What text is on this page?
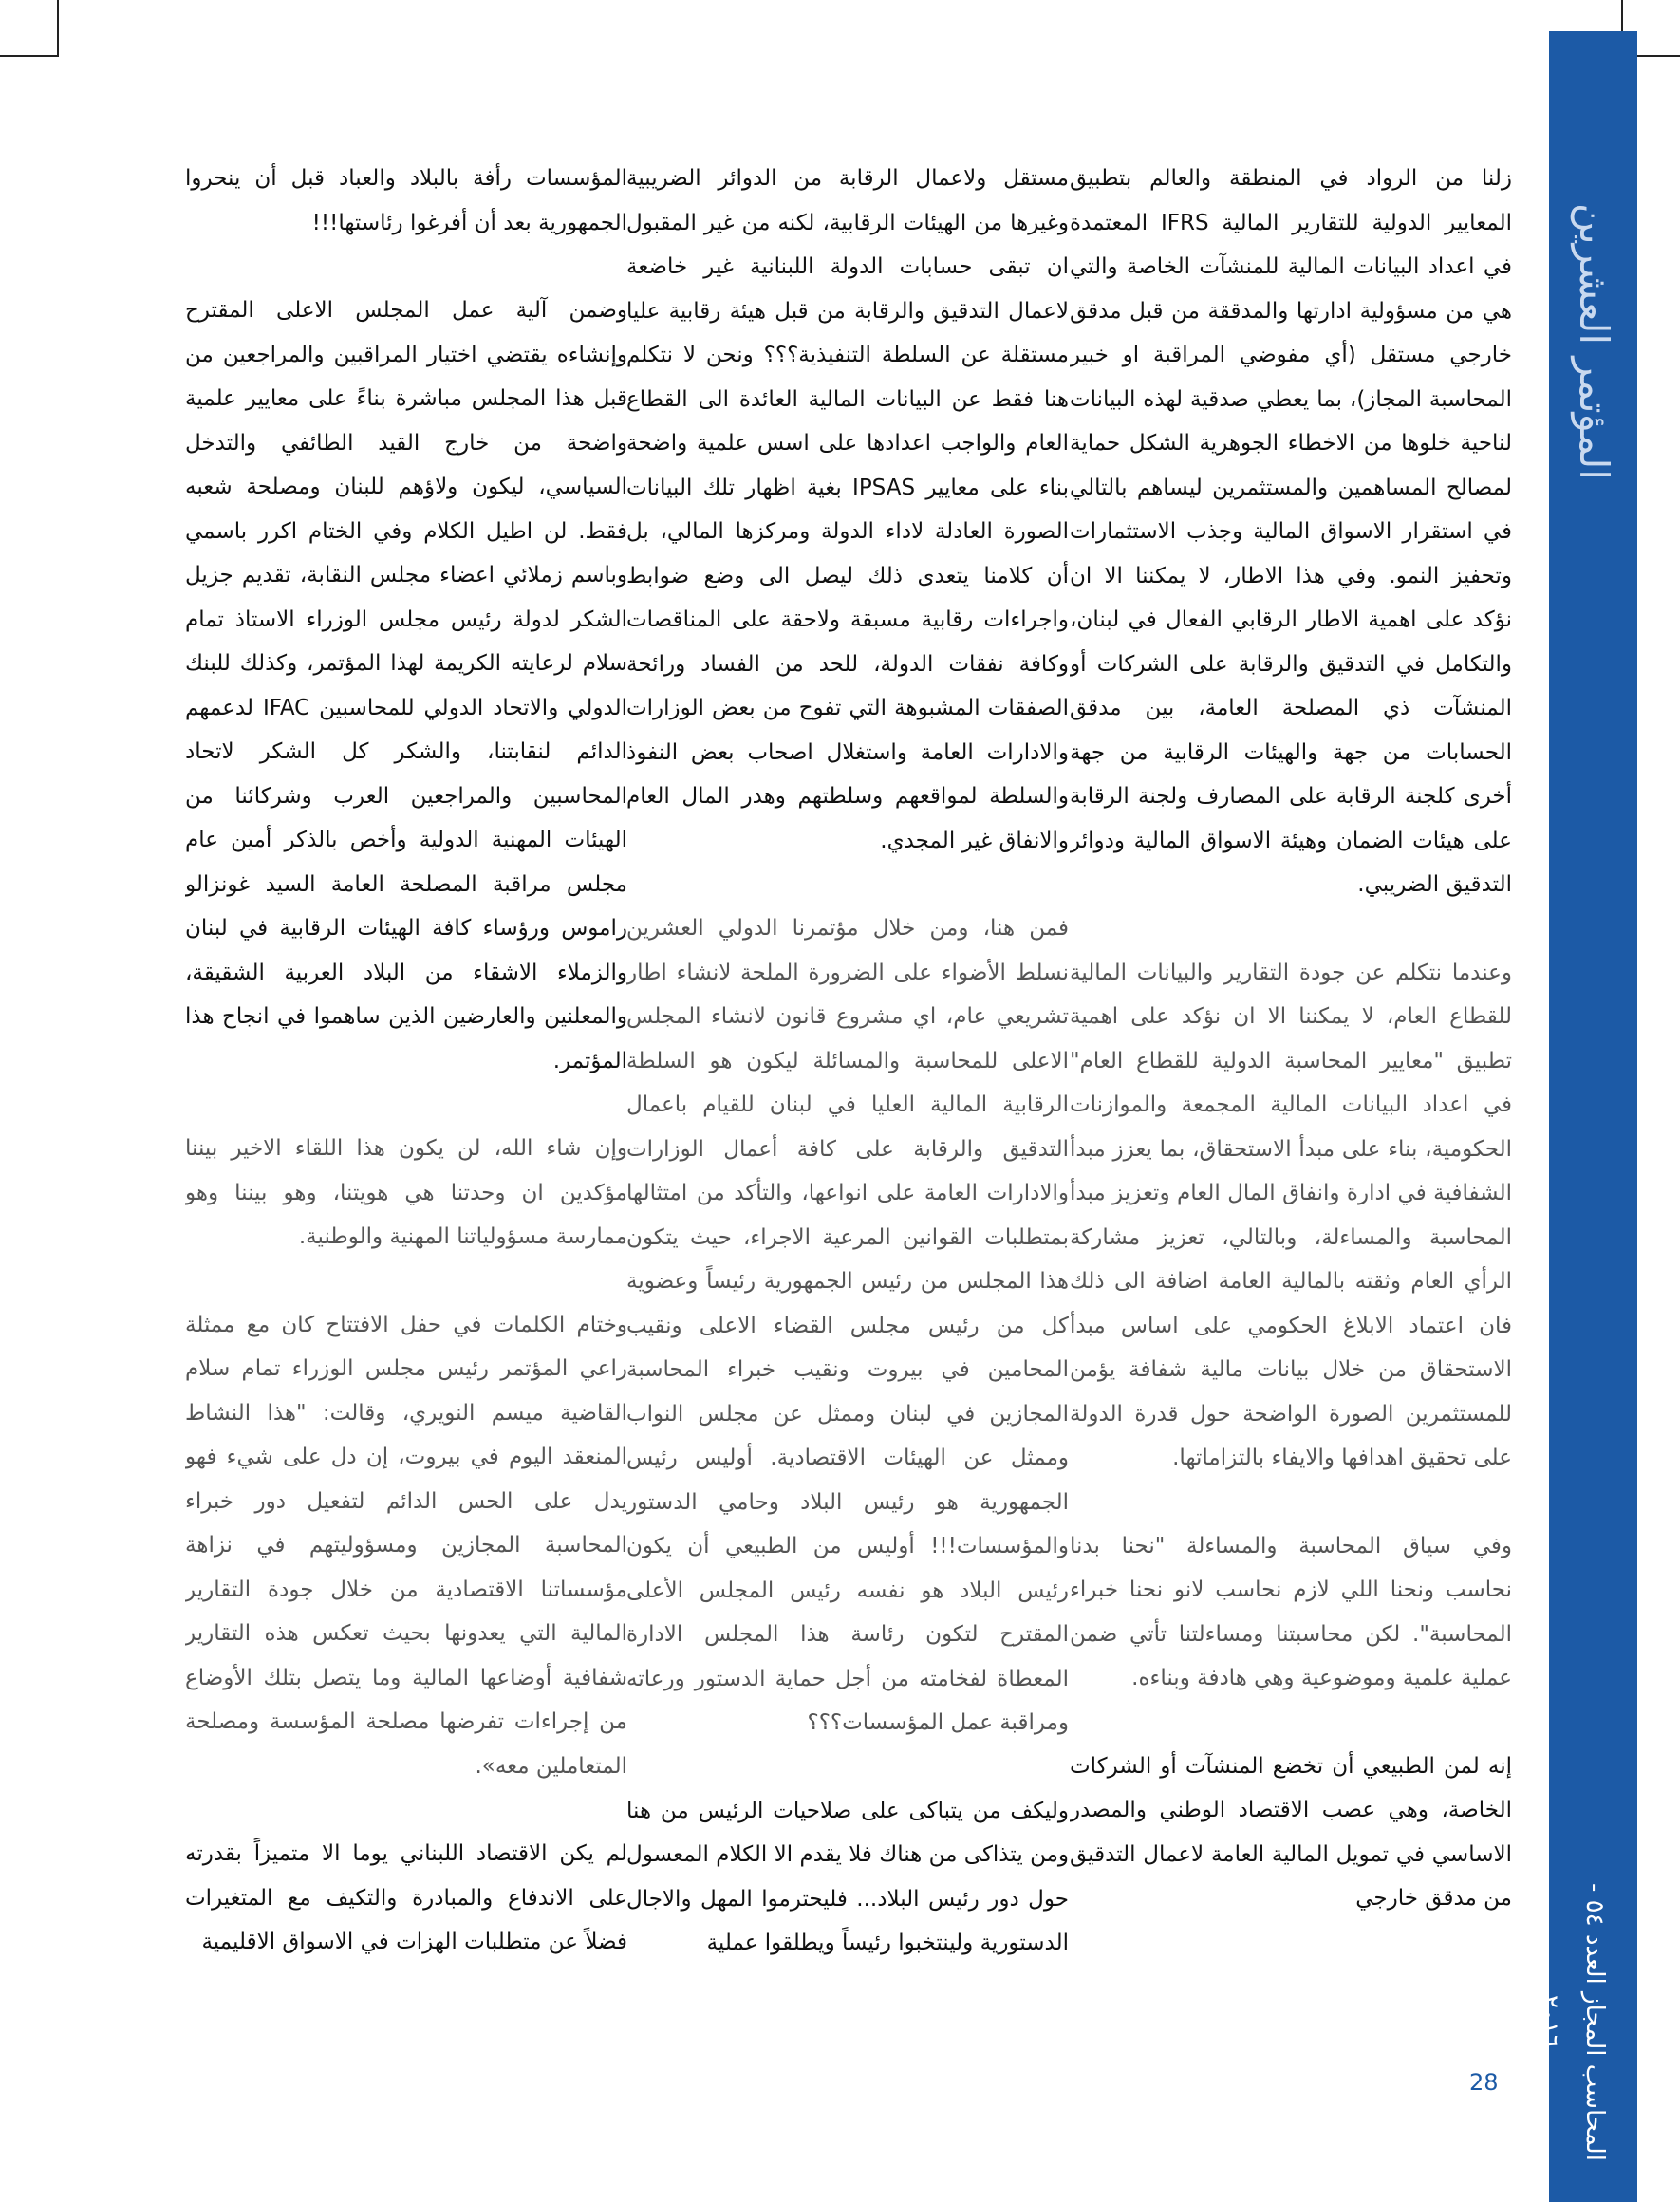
المؤتمر العشرين
المحاسب المجاز العدد ٥٤ - ٢٠١٦

زلنا من الرواد في المنطقة والعالم بتطبيق المعايير الدولية للتقارير المالية IFRS المعتمدة في اعداد البيانات المالية للمنشآت الخاصة والتي هي من مسؤولية ادارتها والمدققة من قبل مدقق خارجي مستقل (أي مفوضي المراقبة او خبير المحاسبة المجاز)، بما يعطي صدقية لهذه البيانات لناحية خلوها من الاخطاء الجوهرية الشكل حماية لمصالح المساهمين والمستثمرين ليساهم بالتالي في استقرار الاسواق المالية وجذب الاستثمارات وتحفيز النمو. وفي هذا الاطار، لا يمكننا الا ان نؤكد على اهمية الاطار الرقابي الفعال في لبنان، والتكامل في التدقيق والرقابة على الشركات أو المنشآت ذي المصلحة العامة، بين مدقق الحسابات من جهة والهيئات الرقابية من جهة أخرى كلجنة الرقابة على المصارف ولجنة الرقابة على هيئات الضمان وهيئة الاسواق المالية ودوائر التدقيق الضريبي.

وعندما نتكلم عن جودة التقارير والبيانات المالية للقطاع العام، لا يمكننا الا ان نؤكد على اهمية تطبيق "معايير المحاسبة الدولية للقطاع العام" في اعداد البيانات المالية المجمعة والموازنات الحكومية، بناء على مبدأ الاستحقاق، بما يعزز مبدأ الشفافية في ادارة وانفاق المال العام وتعزيز مبدأ المحاسبة والمساءلة، وبالتالي، تعزيز مشاركة الرأي العام وثقته بالمالية العامة اضافة الى ذلك فان اعتماد الابلاغ الحكومي على اساس مبدأ الاستحقاق من خلال بيانات مالية شفافة يؤمن للمستثمرين الصورة الواضحة حول قدرة الدولة على تحقيق اهدافها والايفاء بالتزاماتها.

وفي سياق المحاسبة والمساءلة "نحنا بدنا نحاسب ونحنا اللي لازم نحاسب لانو نحنا خبراء المحاسبة". لكن محاسبتنا ومساءلتنا تأتي ضمن عملية علمية وموضوعية وهي هادفة وبناءه.

إنه لمن الطبيعي أن تخضع المنشآت أو الشركات الخاصة، وهي عصب الاقتصاد الوطني والمصدر الاساسي في تمويل المالية العامة لاعمال التدقيق من مدقق خارجي

مستقل ولاعمال الرقابة من الدوائر الضريبية وغيرها من الهيئات الرقابية، لكنه من غير المقبول ان تبقى حسابات الدولة اللبنانية غير خاضعة لاعمال التدقيق والرقابة من قبل هيئة رقابية عليا مستقلة عن السلطة التنفيذية؟؟؟ ونحن لا نتكلم هنا فقط عن البيانات المالية العائدة الى القطاع العام والواجب اعدادها على اسس علمية واضحة بناء على معايير IPSAS بغية اظهار تلك البيانات الصورة العادلة لاداء الدولة ومركزها المالي، بل أن كلامنا يتعدى ذلك ليصل الى وضع ضوابط واجراءات رقابية مسبقة ولاحقة على المناقصات وكافة نفقات الدولة، للحد من الفساد ورائحة الصفقات المشبوهة التي تفوح من بعض الوزارات والادارات العامة واستغلال اصحاب بعض النفوذ والسلطة لمواقعهم وسلطتهم وهدر المال العام والانفاق غير المجدي.

فمن هنا، ومن خلال مؤتمرنا الدولي العشرين نسلط الأضواء على الضرورة الملحة لانشاء اطار تشريعي عام، اي مشروع قانون لانشاء المجلس الاعلى للمحاسبة والمسائلة ليكون هو السلطة الرقابية المالية العليا في لبنان للقيام باعمال التدقيق والرقابة على كافة أعمال الوزارات والادارات العامة على انواعها، والتأكد من امتثالها بمتطلبات القوانين المرعية الاجراء، حيث يتكون هذا المجلس من رئيس الجمهورية رئيساً وعضوية كل من رئيس مجلس القضاء الاعلى ونقيب المحامين في بيروت ونقيب خبراء المحاسبة المجازين في لبنان وممثل عن مجلس النواب وممثل عن الهيئات الاقتصادية. أوليس رئيس الجمهورية هو رئيس البلاد وحامي الدستور والمؤسسات!!! أوليس من الطبيعي أن يكون رئيس البلاد هو نفسه رئيس المجلس الأعلى المقترح لتكون رئاسة هذا المجلس الادارة المعطاة لفخامته من أجل حماية الدستور ورعاته ومراقبة عمل المؤسسات؟؟؟

وليكف من يتباكى على صلاحيات الرئيس من هنا ومن يتذاكى من هناك فلا يقدم الا الكلام المعسول حول دور رئيس البلاد... فليحترموا المهل والاجال الدستورية ولينتخبوا رئيساً ويطلقوا عملية

المؤسسات رأفة بالبلاد والعباد قبل أن ينحروا الجمهورية بعد أن أفرغوا رئاستها!!!

وضمن آلية عمل المجلس الاعلى المقترح وإنشاءه يقتضي اختيار المراقبين والمراجعين من قبل هذا المجلس مباشرة بناءً على معايير علمية واضحة من خارج القيد الطائفي والتدخل السياسي، ليكون ولاؤهم للبنان ومصلحة شعبه فقط. لن اطيل الكلام وفي الختام اكرر باسمي وباسم زملائي اعضاء مجلس النقابة، تقديم جزيل الشكر لدولة رئيس مجلس الوزراء الاستاذ تمام سلام لرعايته الكريمة لهذا المؤتمر، وكذلك للبنك الدولي والاتحاد الدولي للمحاسبين IFAC لدعمهم الدائم لنقابتنا، والشكر كل الشكر لاتحاد المحاسبين والمراجعين العرب وشركائنا من الهيئات المهنية الدولية وأخص بالذكر أمين عام مجلس مراقبة المصلحة العامة السيد غونزالو راموس ورؤساء كافة الهيئات الرقابية في لبنان والزملاء الاشقاء من البلاد العربية الشقيقة، والمعلنين والعارضين الذين ساهموا في انجاح هذا المؤتمر.

وإن شاء الله، لن يكون هذا اللقاء الاخير بيننا مؤكدين ان وحدتنا هي هويتنا، وهو بيننا وهو ممارسة مسؤولياتنا المهنية والوطنية.

وختام الكلمات في حفل الافتتاح كان مع ممثلة راعي المؤتمر رئيس مجلس الوزراء تمام سلام القاضية ميسم النويري، وقالت: "هذا النشاط المنعقد اليوم في بيروت، إن دل على شيء فهو يدل على الحس الدائم لتفعيل دور خبراء المحاسبة المجازين ومسؤوليتهم في نزاهة مؤسساتنا الاقتصادية من خلال جودة التقارير المالية التي يعدونها بحيث تعكس هذه التقارير شفافية أوضاعها المالية وما يتصل بتلك الأوضاع من إجراءات تفرضها مصلحة المؤسسة ومصلحة المتعاملين معه».

لم يكن الاقتصاد اللبناني يوما الا متميزاً بقدرته على الاندفاع والمبادرة والتكيف مع المتغيرات فضلاً عن متطلبات الهزات في الاسواق الاقليمية

28
